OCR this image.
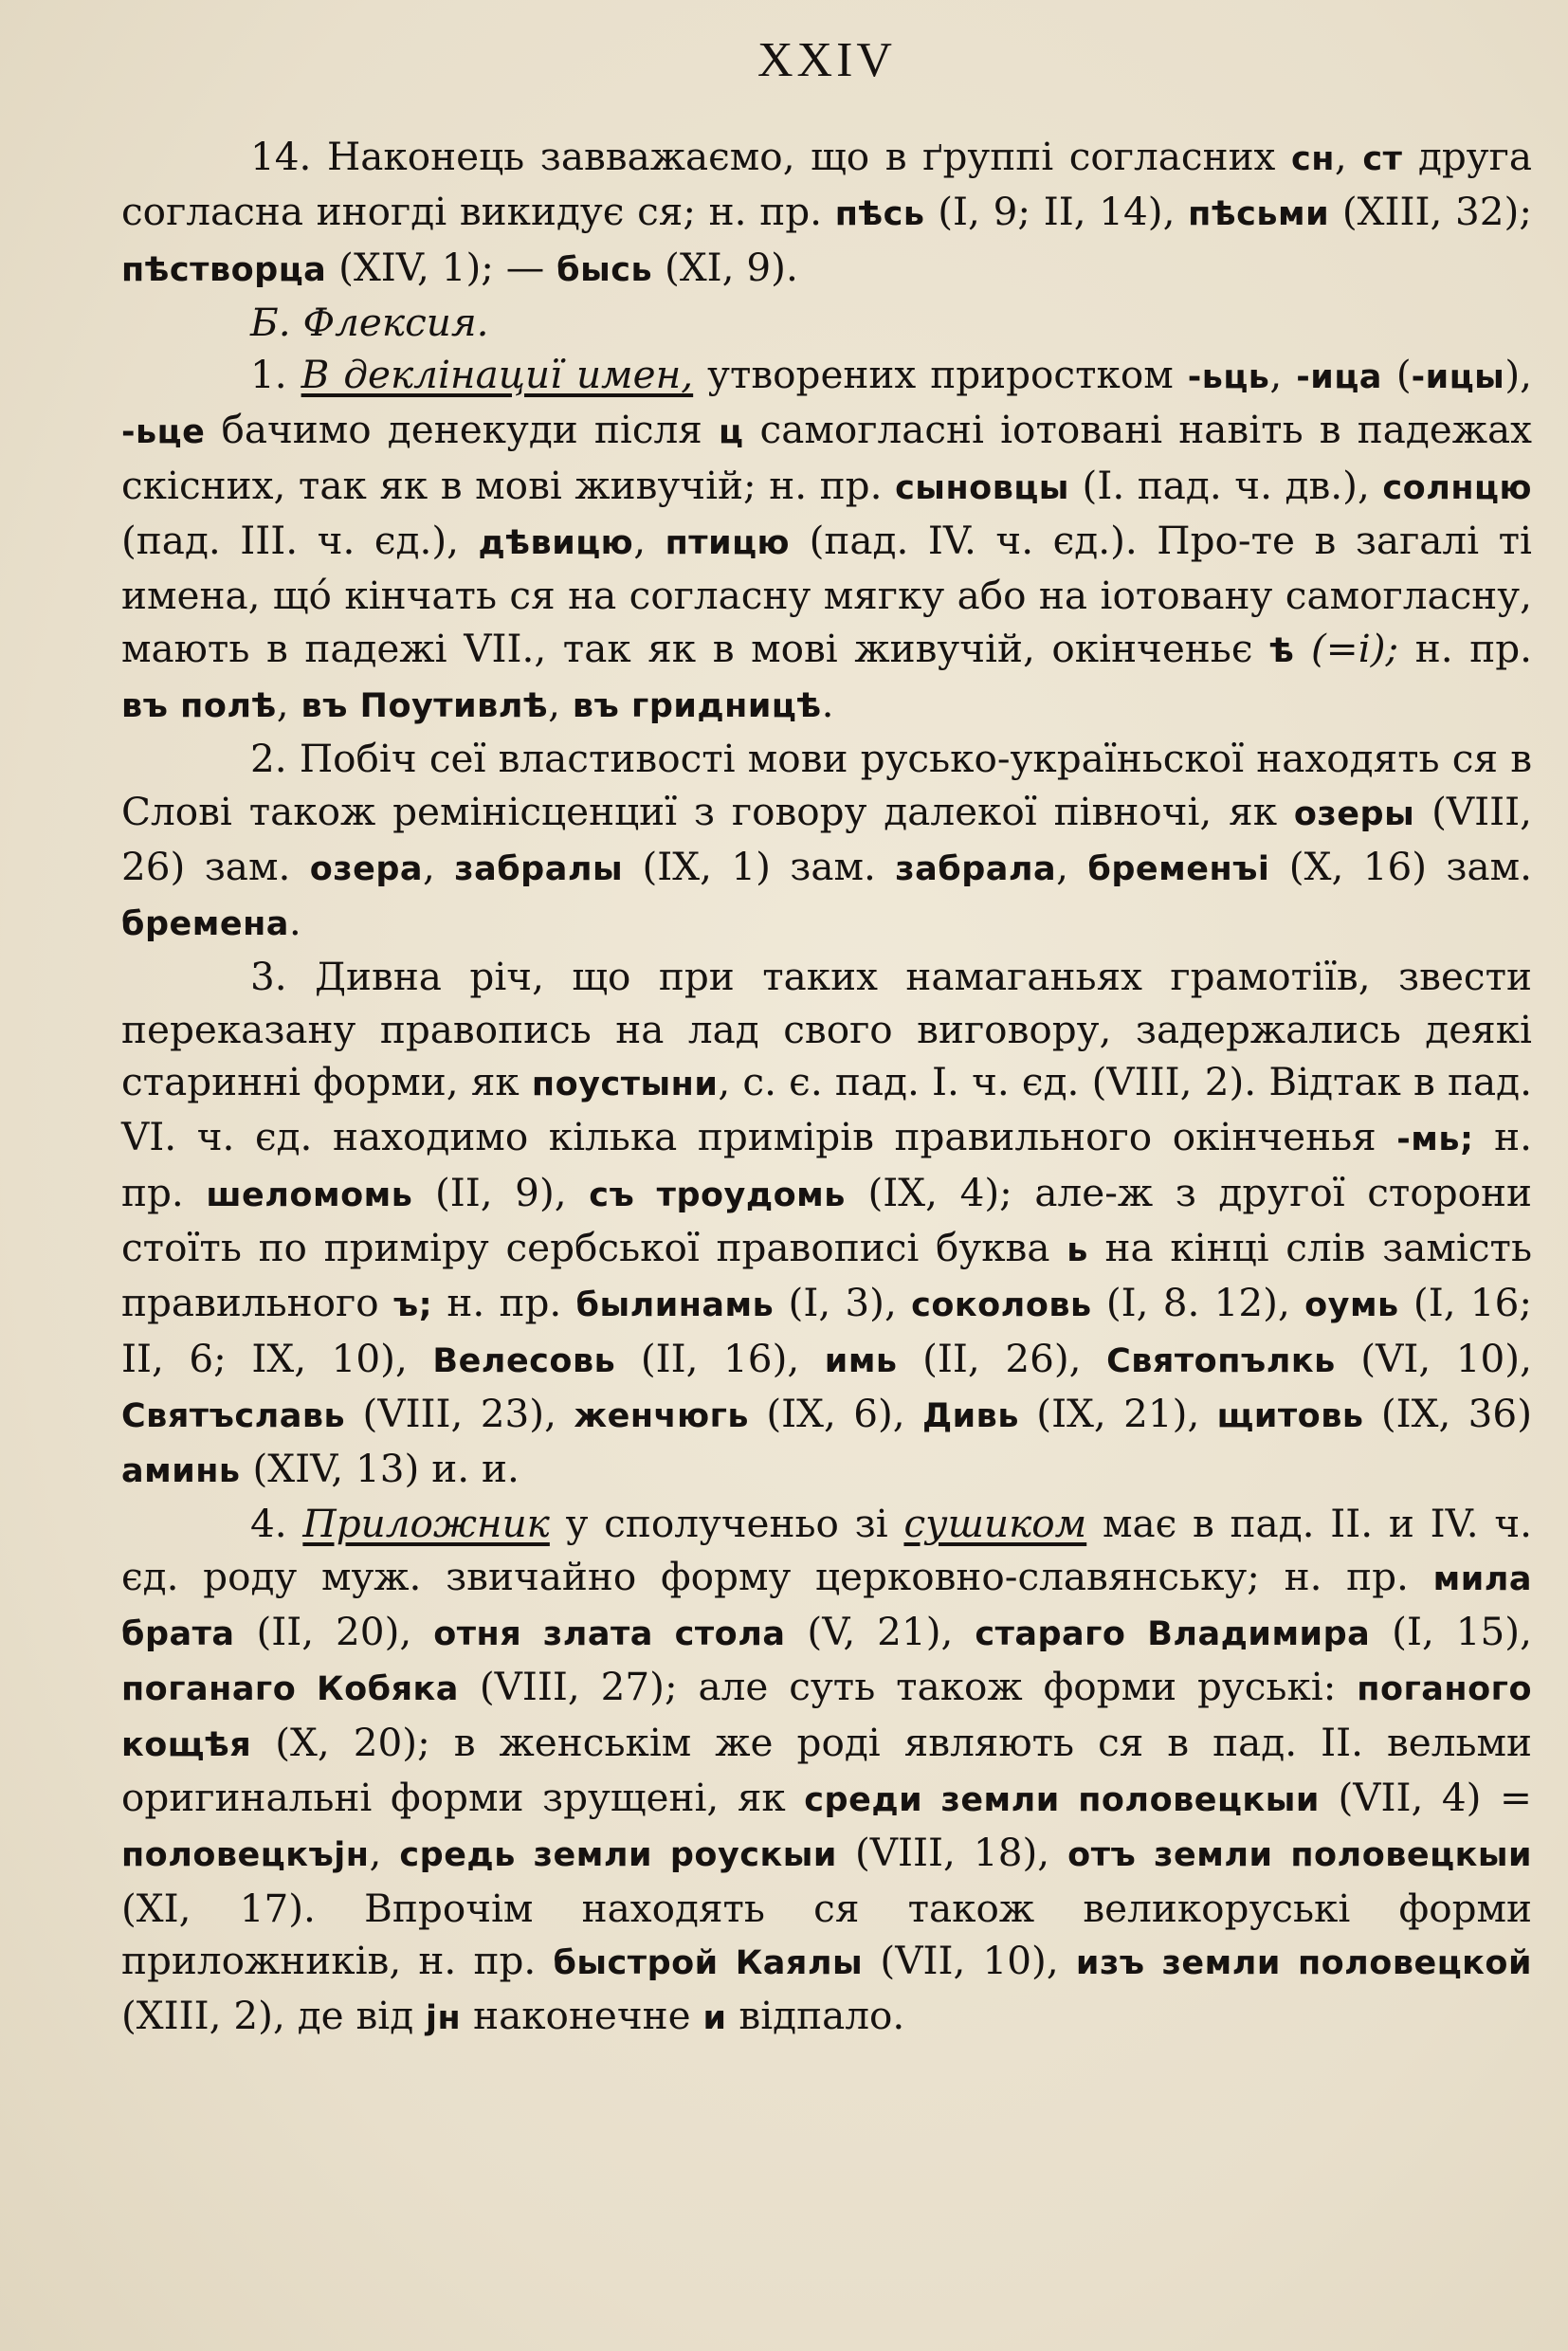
XXIV

14. Наконець завважаємо, що в ґруппі согласних сн, ст друга согласна иногді викидує ся; н. пр. пѣсь (І, 9; II, 14), пѣсьми (XIII, 32); пѣстворца (XIV, 1); — бысь (XI, 9).

Б. Флексия.

1. В деклінациї имен, утворених приростком -ьць, -ица (-ицы), -ьце бачимо денекуди після ц самогласні іотовані навіть в падежах скісних, так як в мові живучій; н. пр. сыновцы (І. пад. ч. дв.), солнцю (пад. III. ч. єд.), дѣвицю, птицю (пад. IV. ч. єд.). Про-те в загалі ті имена, що́ кінчать ся на согласну мягку або на іотовану самогласну, мають в падежі VII., так як в мові живучій, окінченьє ѣ (=і); н. пр. въ полѣ, въ Поутивлѣ, въ гридницѣ.

2. Побіч сеї властивості мови русько-україньскої находять ся в Слові також ремінісценциї з говору далекої півночі, як озеры (VIII, 26) зам. озера, забралы (IX, 1) зам. забрала, бременъі (X, 16) зам. бремена.

3. Дивна річ, що при таких намаганьях грамотіїв, звести переказану правопись на лад свого виговору, задержались деякі старинні форми, як поустыни, с. є. пад. І. ч. єд. (VIII, 2). Відтак в пад. VI. ч. єд. находимо кілька примірів правильного окінченья -мь; н. пр. шеломомь (II, 9), съ троудомь (IX, 4); але-ж з другої сторони стоїть по приміру сербської правописі буква ь на кінці слів замість правильного ъ; н. пр. былинамь (І, 3), соколовь (І, 8. 12), оумь (І, 16; II, 6; IX, 10), Велесовь (II, 16), имь (II, 26), Святопълкь (VI, 10), Святъславь (VIII, 23), женчюгь (IX, 6), Дивь (IX, 21), щитовь (IX, 36) аминь (XIV, 13) и. и.

4. Приложник у сполученьо зі сушиком має в пад. II. и IV. ч. єд. роду муж. звичайно форму церковно-славянську; н. пр. мила брата (II, 20), отня злата стола (V, 21), стараго Владимира (I, 15), поганаго Кобяка (VIII, 27); але суть також форми руські: поганого кощѣя (X, 20); в женськім же роді являють ся в пад. II. вельми оригинальні форми зрущені, як среди земли половецкыи (VII, 4) = половецкъјн, средь земли роускыи (VIII, 18), отъ земли половецкыи (XI, 17). Впрочім находять ся також великоруські форми приложників, н. пр. быстрой Каялы (VII, 10), изъ земли половецкой (XIII, 2), де від јн наконечне и відпало.
